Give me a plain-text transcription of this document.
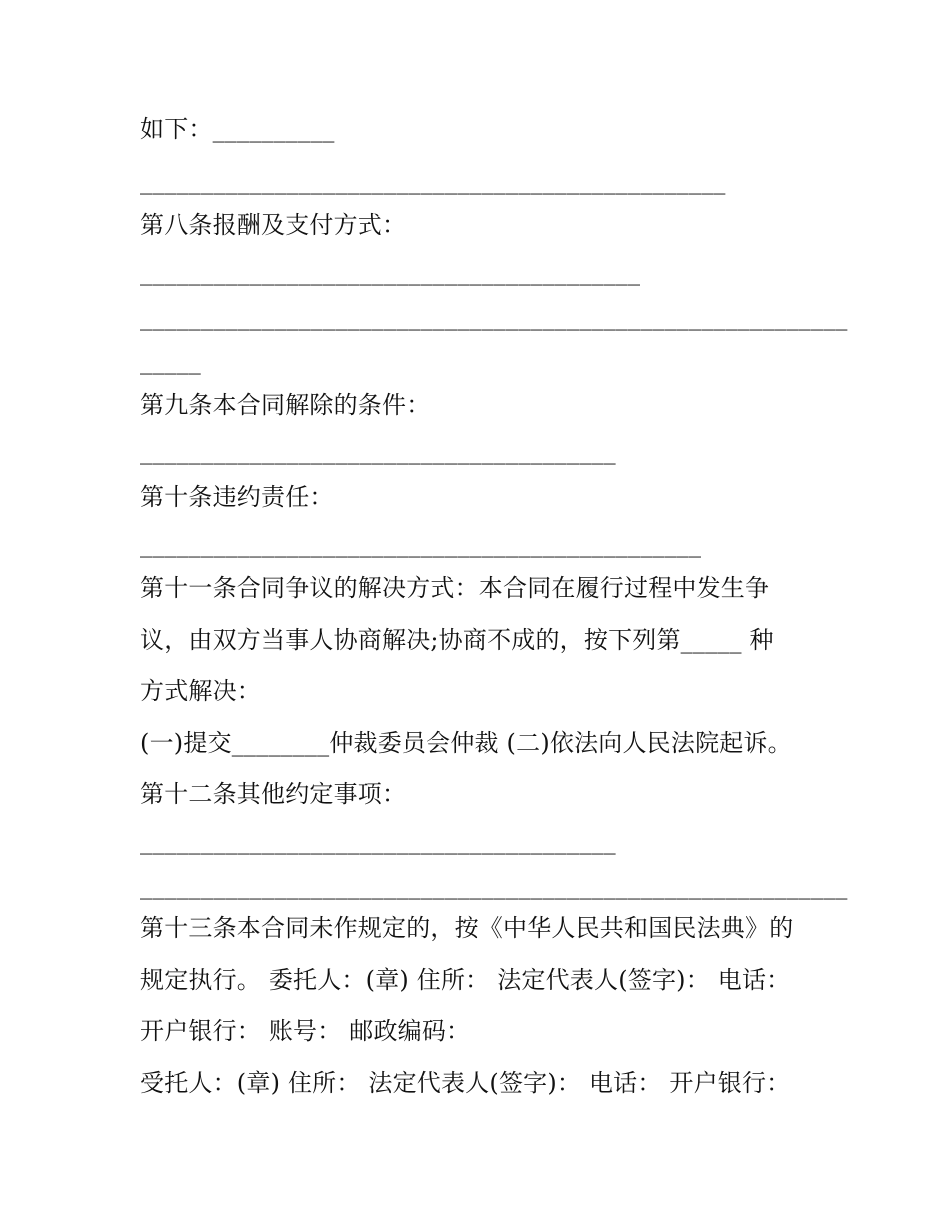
如下：__________
________________________________________________
第八条报酬及支付方式：
_________________________________________
__________________________________________________________
_____
第九条本合同解除的条件：
_______________________________________
第十条违约责任：
______________________________________________
第十一条合同争议的解决方式：本合同在履行过程中发生争
议，由双方当事人协商解决;协商不成的，按下列第_____ 种
方式解决：
(一)提交________仲裁委员会仲裁 (二)依法向人民法院起诉。
第十二条其他约定事项：
_______________________________________
__________________________________________________________
第十三条本合同未作规定的，按《中华人民共和国民法典》的
规定执行。 委托人：(章) 住所： 法定代表人(签字)： 电话：
开户银行： 账号： 邮政编码：
受托人：(章) 住所： 法定代表人(签字)： 电话： 开户银行：
